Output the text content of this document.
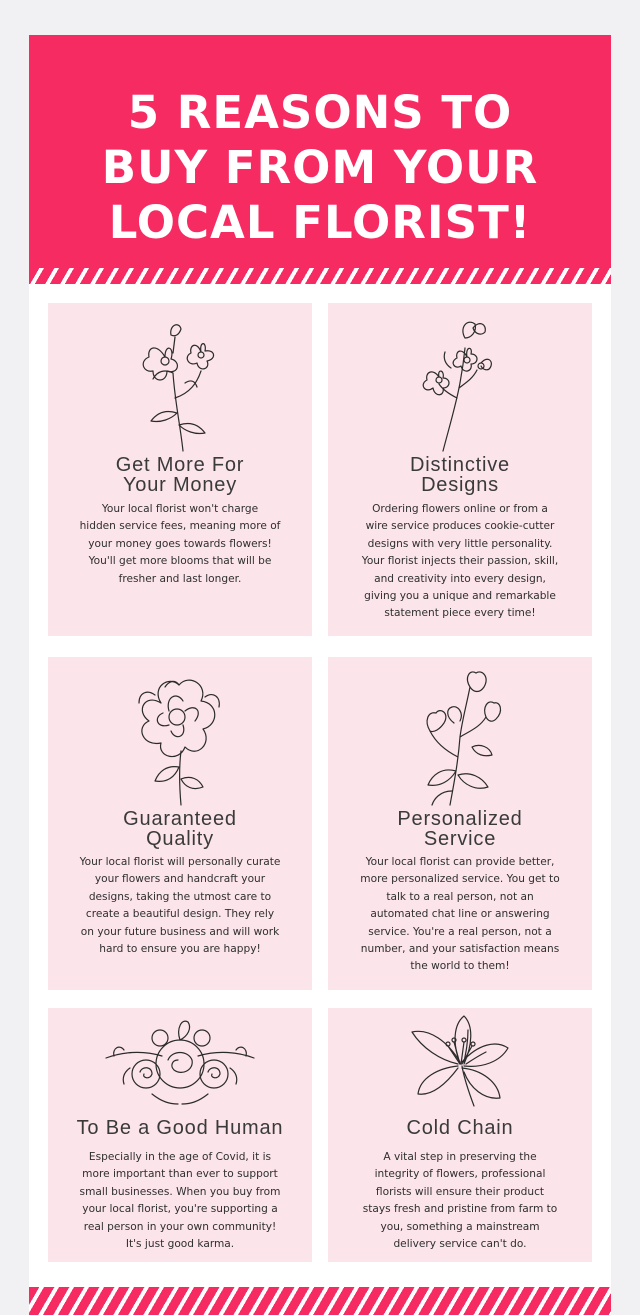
5 REASONS TO
BUY FROM YOUR
LOCAL FLORIST!
Get More For
Your Money
Your local florist won't charge
hidden service fees, meaning more of
your money goes towards flowers!
You'll get more blooms that will be
fresher and last longer.
Distinctive
Designs
Ordering flowers online or from a
wire service produces cookie-cutter
designs with very little personality.
Your florist injects their passion, skill,
and creativity into every design,
giving you a unique and remarkable
statement piece every time!
Guaranteed
Quality
Your local florist will personally curate
your flowers and handcraft your
designs, taking the utmost care to
create a beautiful design. They rely
on your future business and will work
hard to ensure you are happy!
Personalized
Service
Your local florist can provide better,
more personalized service. You get to
talk to a real person, not an
automated chat line or answering
service. You're a real person, not a
number, and your satisfaction means
the world to them!
To Be a Good Human
Especially in the age of Covid, it is
more important than ever to support
small businesses. When you buy from
your local florist, you're supporting a
real person in your own community!
It's just good karma.
Cold Chain
A vital step in preserving the
integrity of flowers, professional
florists will ensure their product
stays fresh and pristine from farm to
you, something a mainstream
delivery service can't do.
